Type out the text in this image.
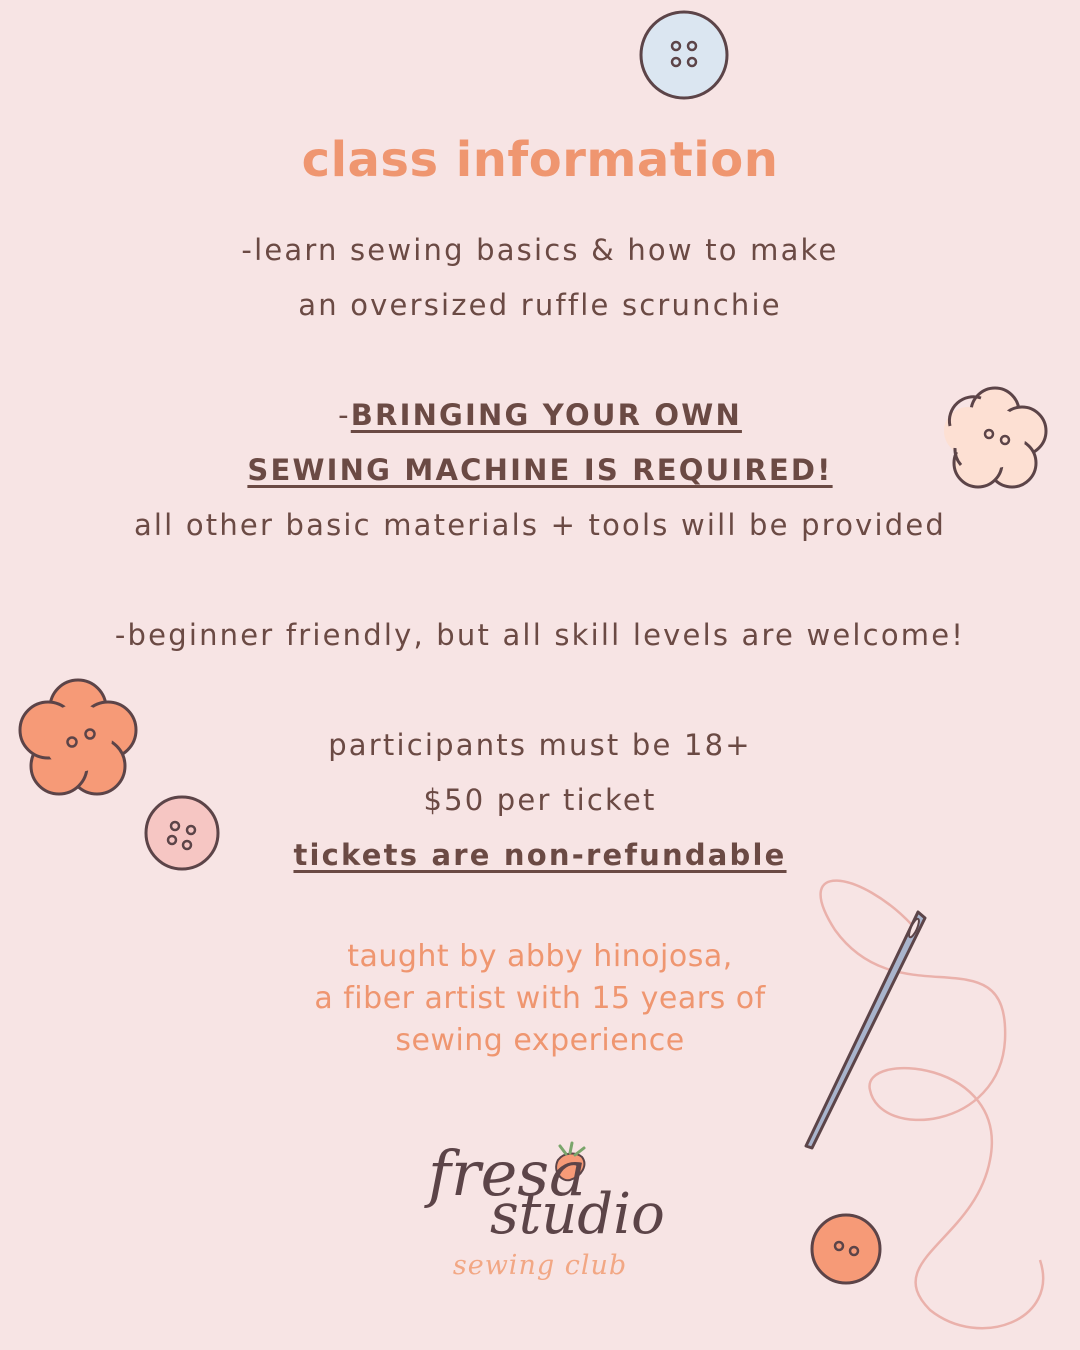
class information
-learn sewing basics & how to make
an oversized ruffle scrunchie
-BRINGING YOUR OWN
SEWING MACHINE IS REQUIRED!
all other basic materials + tools will be provided
-beginner friendly, but all skill levels are welcome!
participants must be 18+
$50 per ticket
tickets are non-refundable
taught by abby hinojosa,
a fiber artist with 15 years of
sewing experience
fresa
studio
sewing club
